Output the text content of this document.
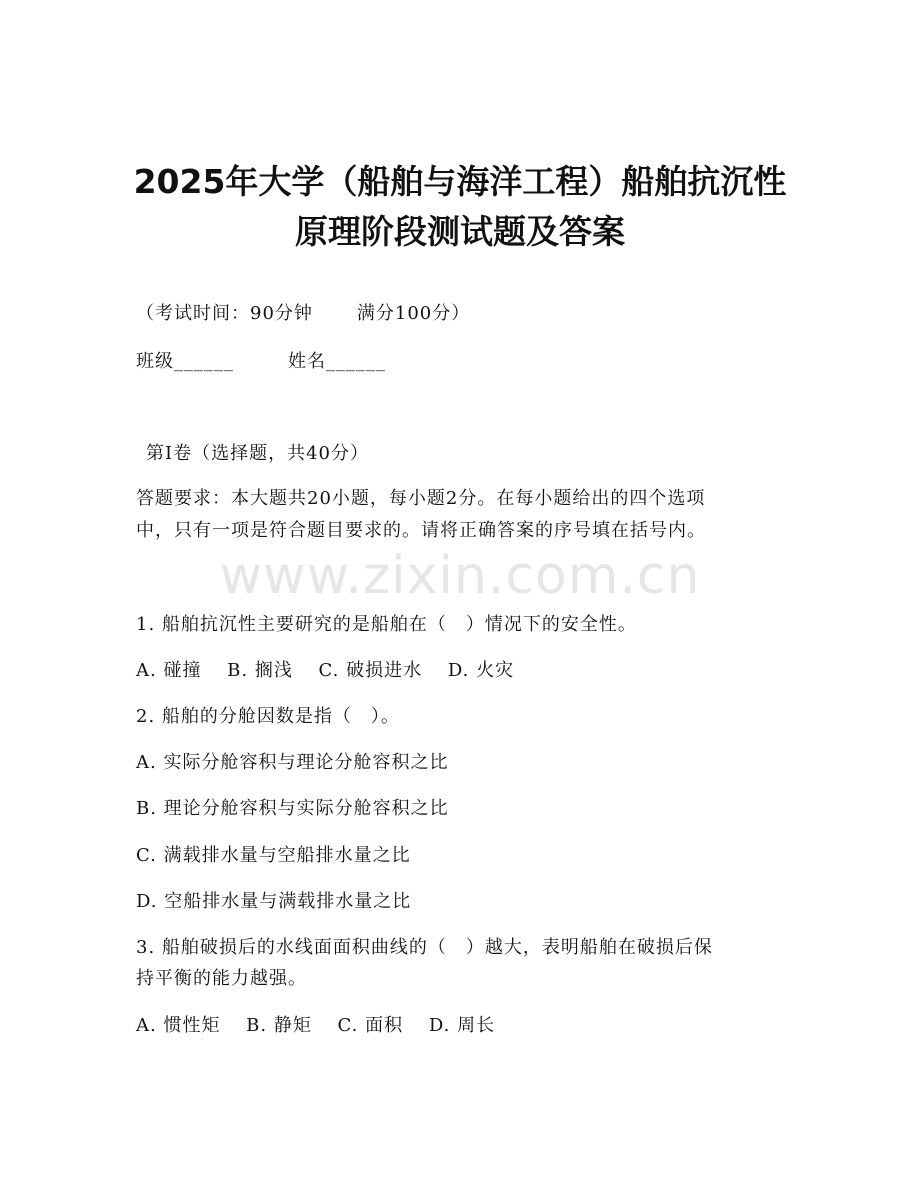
2025年大学（船舶与海洋工程）船舶抗沉性
原理阶段测试题及答案
（考试时间：90分钟 满分100分）
班级______	姓名______
第I卷（选择题，共40分）
答题要求：本大题共20小题，每小题2分。在每小题给出的四个选项
中，只有一项是符合题目要求的。请将正确答案的序号填在括号内。
www.zixin.com.cn
1. 船舶抗沉性主要研究的是船舶在（　）情况下的安全性。
A. 碰撞　 B. 搁浅　 C. 破损进水　 D. 火灾
2. 船舶的分舱因数是指（　）。
A. 实际分舱容积与理论分舱容积之比
B. 理论分舱容积与实际分舱容积之比
C. 满载排水量与空船排水量之比
D. 空船排水量与满载排水量之比
3. 船舶破损后的水线面面积曲线的（　）越大，表明船舶在破损后保
持平衡的能力越强。
A. 惯性矩　 B. 静矩　 C. 面积　 D. 周长
